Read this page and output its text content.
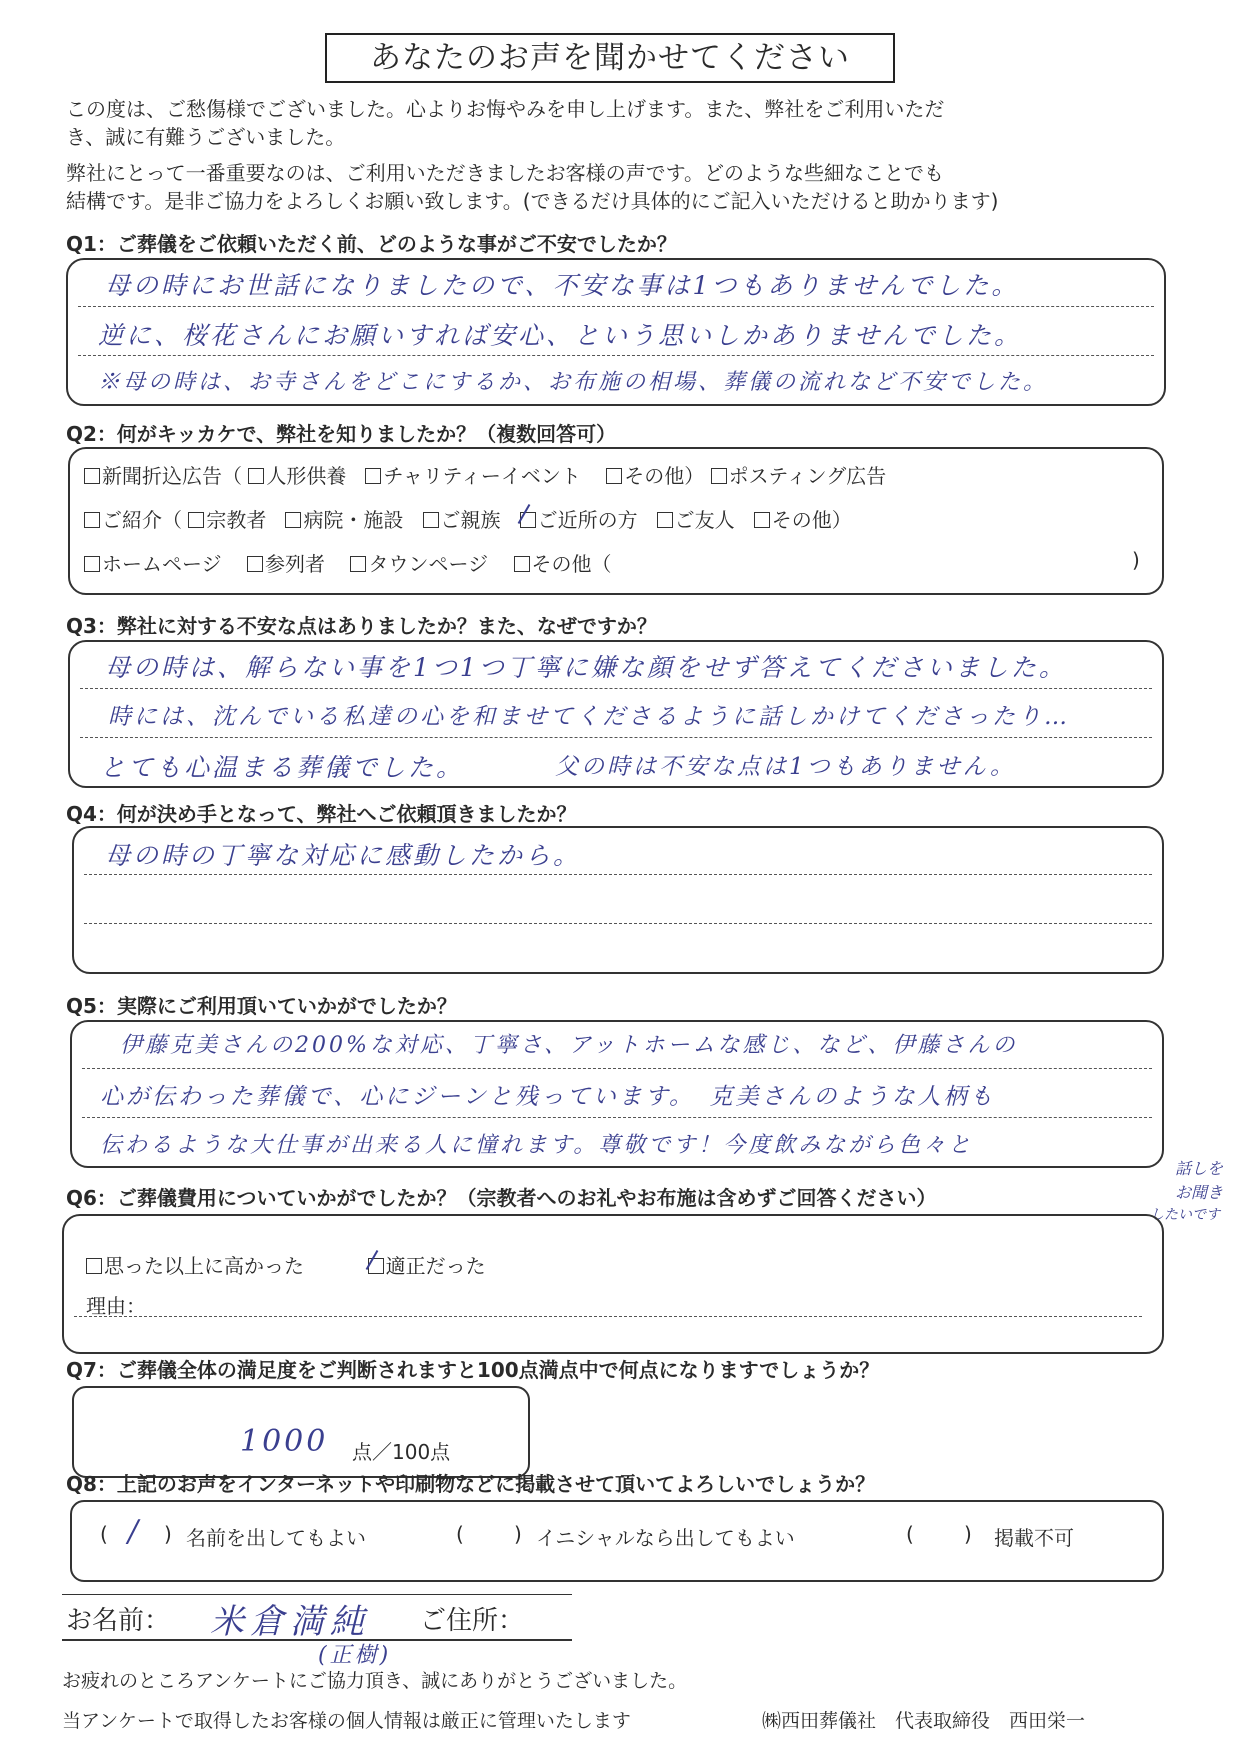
あなたのお声を聞かせてください
この度は、ご愁傷様でございました。心よりお悔やみを申し上げます。また、弊社をご利用いただ
き、誠に有難うございました。
弊社にとって一番重要なのは、ご利用いただきましたお客様の声です。どのような些細なことでも
結構です。是非ご協力をよろしくお願い致します。(できるだけ具体的にご記入いただけると助かります)
Q1：ご葬儀をご依頼いただく前、どのような事がご不安でしたか？
母の時にお世話になりましたので、不安な事は1つもありませんでした。
逆に、桜花さんにお願いすれば安心、という思いしかありませんでした。
※母の時は、お寺さんをどこにするか、お布施の相場、葬儀の流れなど不安でした。
Q2：何がキッカケで、弊社を知りましたか？（複数回答可）
新聞折込広告（ 人形供養 チャリティーイベント その他） ポスティング広告
ご紹介（ 宗教者 病院・施設 ご親族 ご近所の方 ご友人 その他）
ホームページ 参列者 タウンページ その他（	)
Q3：弊社に対する不安な点はありましたか？また、なぜですか？
母の時は、解らない事を1つ1つ丁寧に嫌な顔をせず答えてくださいました。
時には、沈んでいる私達の心を和ませてくださるように話しかけてくださったり…
とても心温まる葬儀でした。	父の時は不安な点は1つもありません。
Q4：何が決め手となって、弊社へご依頼頂きましたか？
母の時の丁寧な対応に感動したから。
Q5：実際にご利用頂いていかがでしたか？
伊藤克美さんの200%な対応、丁寧さ、アットホームな感じ、など、伊藤さんの
心が伝わった葬儀で、心にジーンと残っています。　克美さんのような人柄も
伝わるような大仕事が出来る人に憧れます。尊敬です！今度飲みながら色々と
話しを
お聞き
したいです
Q6：ご葬儀費用についていかがでしたか？（宗教者へのお礼やお布施は含めずご回答ください）
思った以上に高かった	適正だった
理由：
Q7：ご葬儀全体の満足度をご判断されますと100点満点中で何点になりますでしょうか？
1000 点／100点
Q8：上記のお声をインターネットや印刷物などに掲載させて頂いてよろしいでしょうか？
( / ) 名前を出してもよい	(	) イニシャルなら出してもよい	(	) 掲載不可
お名前： 米倉満純 ご住所：
(正樹)
お疲れのところアンケートにご協力頂き、誠にありがとうございました。
当アンケートで取得したお客様の個人情報は厳正に管理いたします	㈱西田葬儀社　代表取締役　西田栄一
